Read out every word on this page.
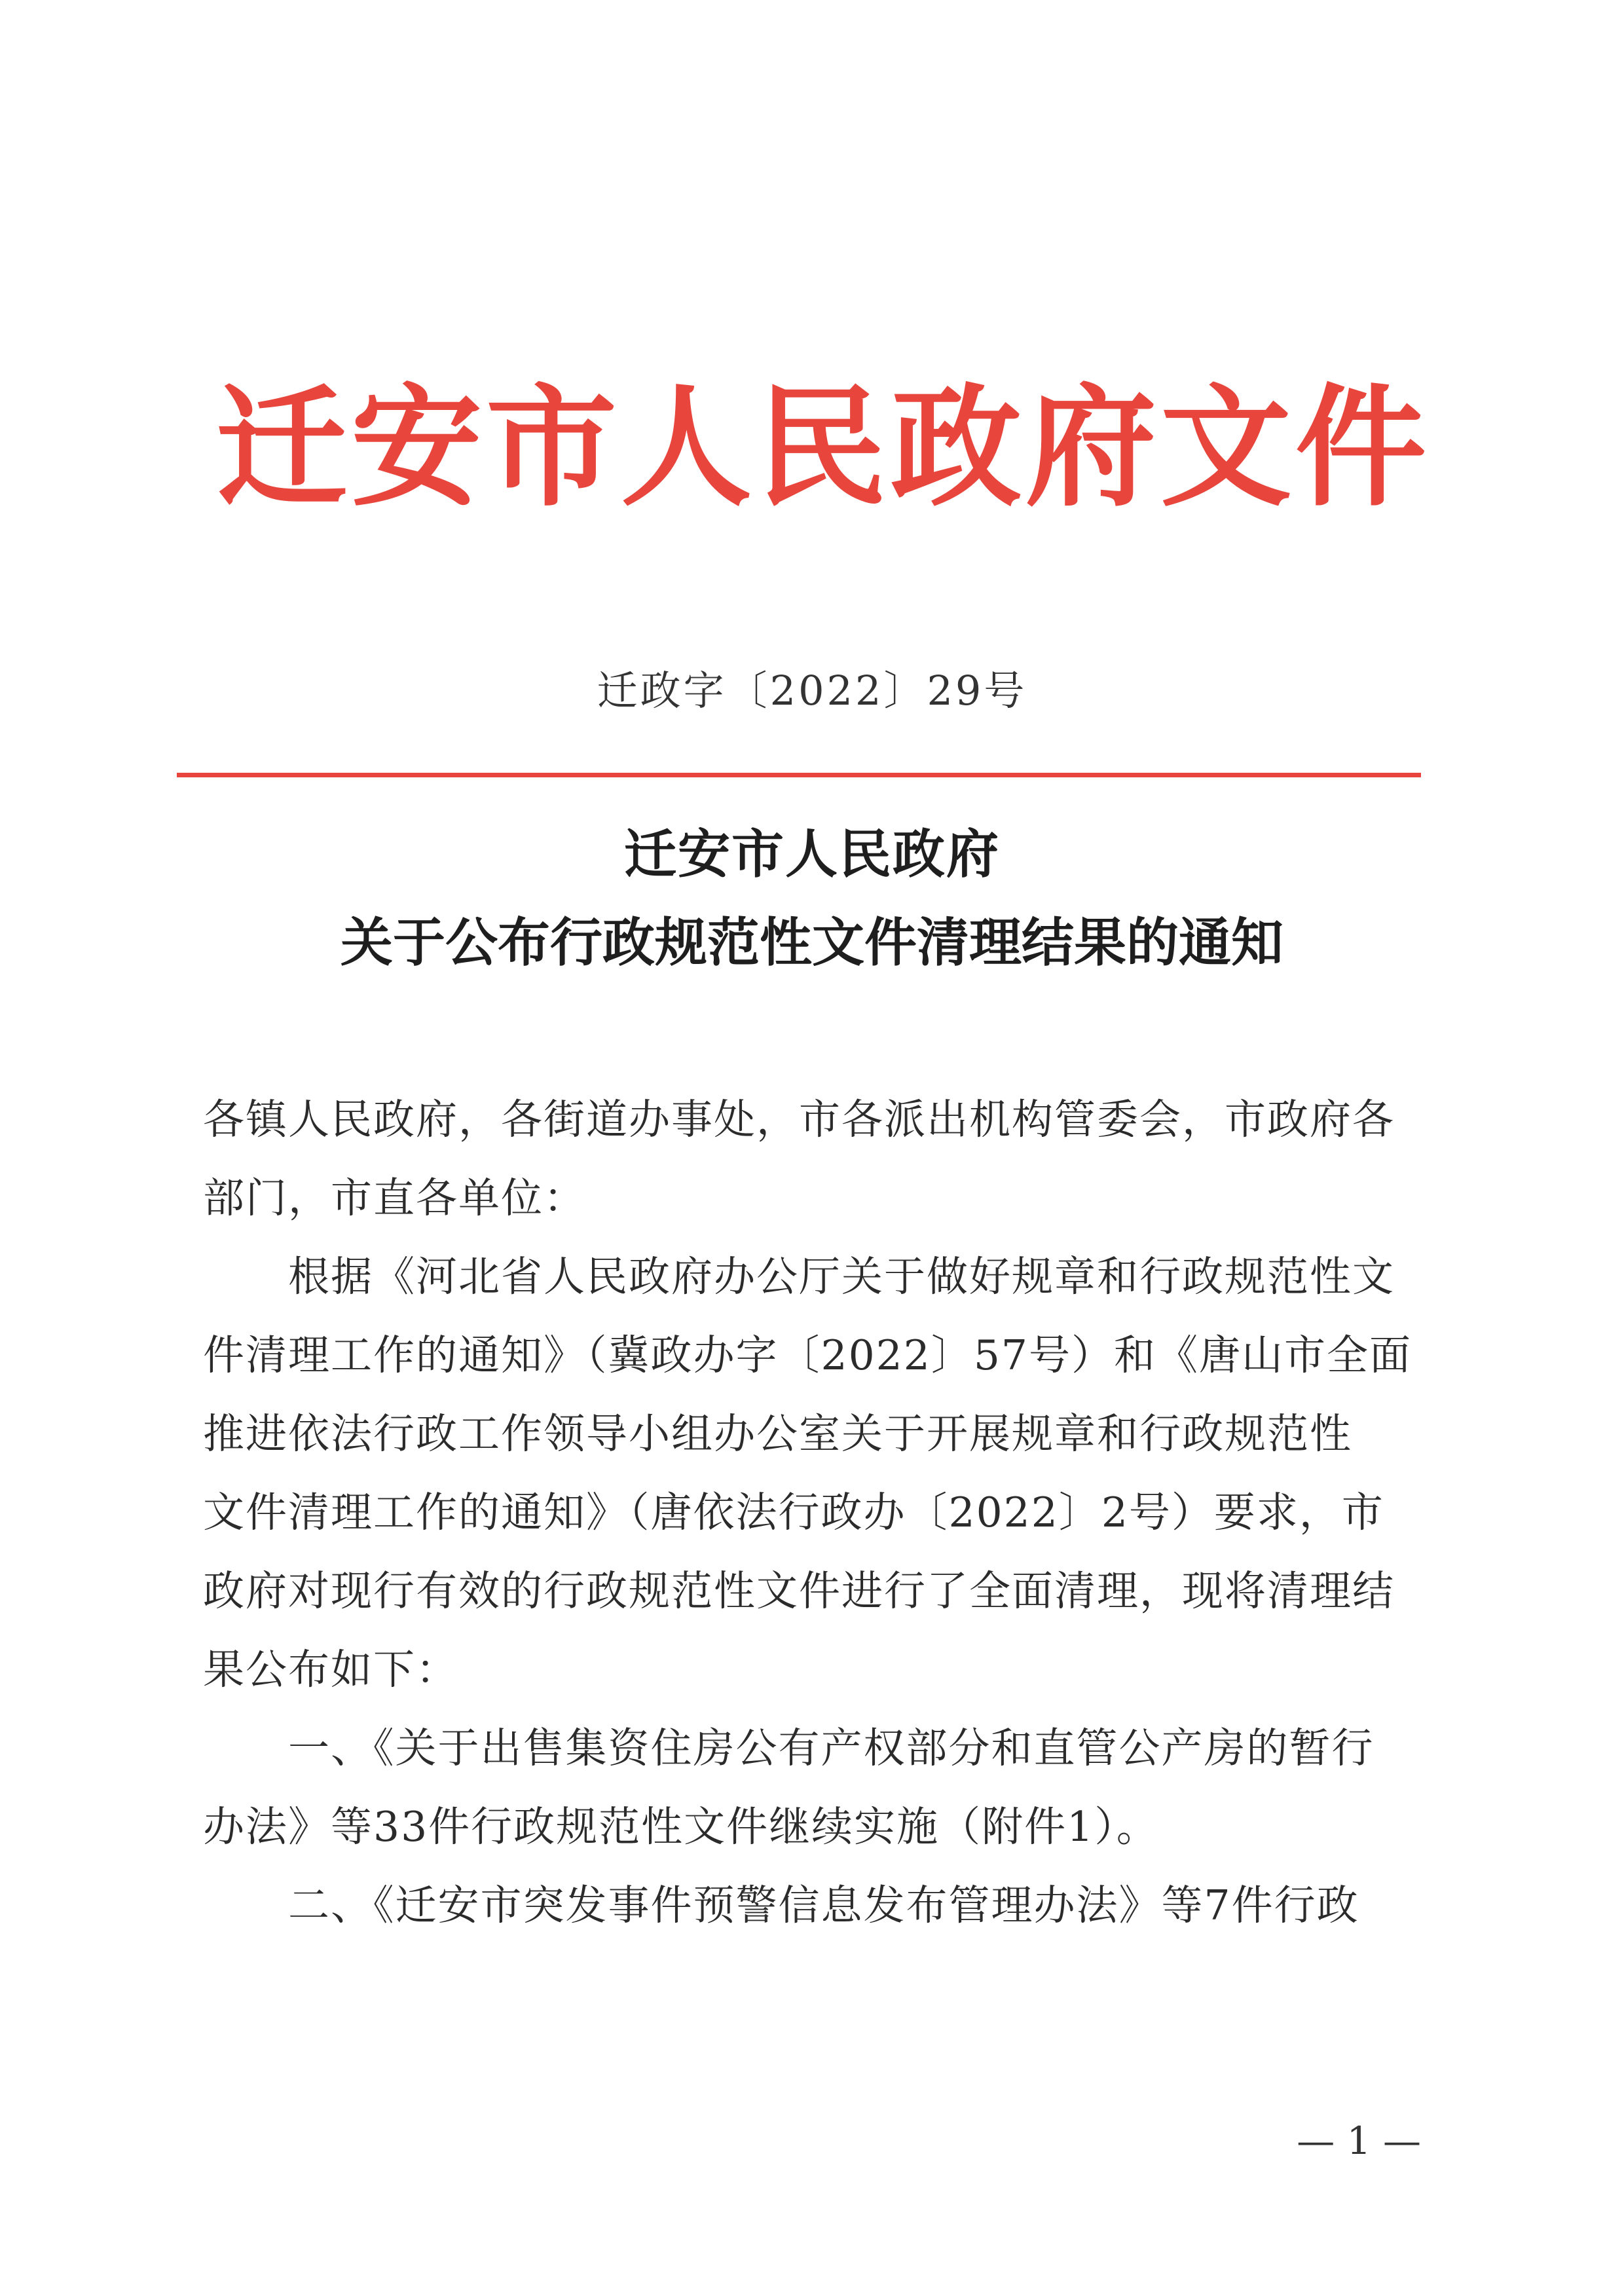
迁安市人民政府文件
迁政字〔2022〕29号
迁安市人民政府
关于公布行政规范性文件清理结果的通知
各镇人民政府，各街道办事处，市各派出机构管委会，市政府各
部门，市直各单位：
　　根据《河北省人民政府办公厅关于做好规章和行政规范性文
件清理工作的通知》（冀政办字〔2022〕57号）和《唐山市全面
推进依法行政工作领导小组办公室关于开展规章和行政规范性
文件清理工作的通知》（唐依法行政办〔2022〕2号）要求，市
政府对现行有效的行政规范性文件进行了全面清理，现将清理结
果公布如下：
　　一、《关于出售集资住房公有产权部分和直管公产房的暂行
办法》等33件行政规范性文件继续实施（附件1）。
　　二、《迁安市突发事件预警信息发布管理办法》等7件行政
— 1 —
